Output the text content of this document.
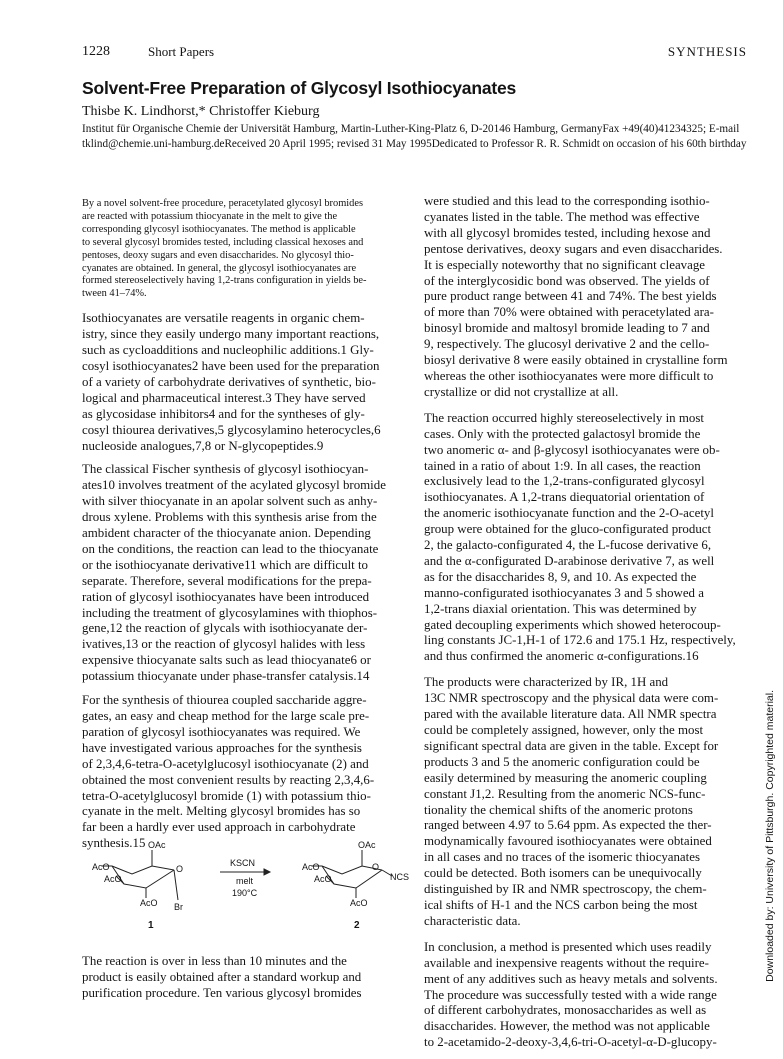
1228	Short Papers	SYNTHESIS
Solvent-Free Preparation of Glycosyl Isothiocyanates
Thisbe K. Lindhorst,* Christoffer Kieburg
Institut für Organische Chemie der Universität Hamburg, Martin-Luther-King-Platz 6, D-20146 Hamburg, GermanyFax +49(40)41234325; E-mail tklind@chemie.uni-hamburg.deReceived 20 April 1995; revised 31 May 1995Dedicated to Professor R. R. Schmidt on occasion of his 60th birthday

By a novel solvent-free procedure, peracetylated glycosyl bromides
are reacted with potassium thiocyanate in the melt to give the
corresponding glycosyl isothiocyanates. The method is applicable
to several glycosyl bromides tested, including classical hexoses and
pentoses, deoxy sugars and even disaccharides. No glycosyl thio-
cyanates are obtained. In general, the glycosyl isothiocyanates are
formed stereoselectively having 1,2-trans configuration in yields be-
tween 41–74%.

Isothiocyanates are versatile reagents in organic chem-
istry, since they easily undergo many important reactions,
such as cycloadditions and nucleophilic additions.1 Gly-
cosyl isothiocyanates2 have been used for the preparation
of a variety of carbohydrate derivatives of synthetic, bio-
logical and pharmaceutical interest.3 They have served
as glycosidase inhibitors4 and for the syntheses of gly-
cosyl thiourea derivatives,5 glycosylamino heterocycles,6
nucleoside analogues,7,8 or N-glycopeptides.9

The classical Fischer synthesis of glycosyl isothiocyan-
ates10 involves treatment of the acylated glycosyl bromide
with silver thiocyanate in an apolar solvent such as anhy-
drous xylene. Problems with this synthesis arise from the
ambident character of the thiocyanate anion. Depending
on the conditions, the reaction can lead to the thiocyanate
or the isothiocyanate derivative11 which are difficult to
separate. Therefore, several modifications for the prepa-
ration of glycosyl isothiocyanates have been introduced
including the treatment of glycosylamines with thiophos-
gene,12 the reaction of glycals with isothiocyanate der-
ivatives,13 or the reaction of glycosyl halides with less
expensive thiocyanate salts such as lead thiocyanate6 or
potassium thiocyanate under phase-transfer catalysis.14

For the synthesis of thiourea coupled saccharide aggre-
gates, an easy and cheap method for the large scale pre-
paration of glycosyl isothiocyanates was required. We
have investigated various approaches for the synthesis
of 2,3,4,6-tetra-O-acetylglucosyl isothiocyanate (2) and
obtained the most convenient results by reacting 2,3,4,6-
tetra-O-acetylglucosyl bromide (1) with potassium thio-
cyanate in the melt. Melting glycosyl bromides has so
far been a hardly ever used approach in carbohydrate
synthesis.15 OAc
AcO
AcO
O
AcO Br
KSCN
melt
190°C
OAc
AcO
AcO
O
NCS
AcO
1	2

The reaction is over in less than 10 minutes and the
product is easily obtained after a standard workup and
purification procedure. Ten various glycosyl bromides

were studied and this lead to the corresponding isothio-
cyanates listed in the table. The method was effective
with all glycosyl bromides tested, including hexose and
pentose derivatives, deoxy sugars and even disaccharides.
It is especially noteworthy that no significant cleavage
of the interglycosidic bond was observed. The yields of
pure product range between 41 and 74%. The best yields
of more than 70% were obtained with peracetylated ara-
binosyl bromide and maltosyl bromide leading to 7 and
9, respectively. The glucosyl derivative 2 and the cello-
biosyl derivative 8 were easily obtained in crystalline form
whereas the other isothiocyanates were more difficult to
crystallize or did not crystallize at all.

The reaction occurred highly stereoselectively in most
cases. Only with the protected galactosyl bromide the
two anomeric α- and β-glycosyl isothiocyanates were ob-
tained in a ratio of about 1:9. In all cases, the reaction
exclusively lead to the 1,2-trans-configurated glycosyl
isothiocyanates. A 1,2-trans diequatorial orientation of
the anomeric isothiocyanate function and the 2-O-acetyl
group were obtained for the gluco-configurated product
2, the galacto-configurated 4, the L-fucose derivative 6,
and the α-configurated D-arabinose derivative 7, as well
as for the disaccharides 8, 9, and 10. As expected the
manno-configurated isothiocyanates 3 and 5 showed a
1,2-trans diaxial orientation. This was determined by
gated decoupling experiments which showed heterocoup-
ling constants JC-1,H-1 of 172.6 and 175.1 Hz, respectively,
and thus confirmed the anomeric α-configurations.16

The products were characterized by IR, 1H and
13C NMR spectroscopy and the physical data were com-
pared with the available literature data. All NMR spectra
could be completely assigned, however, only the most
significant spectral data are given in the table. Except for
products 3 and 5 the anomeric configuration could be
easily determined by measuring the anomeric coupling
constant J1,2. Resulting from the anomeric NCS-func-
tionality the chemical shifts of the anomeric protons
ranged between 4.97 to 5.64 ppm. As expected the ther-
modynamically favoured isothiocyanates were obtained
in all cases and no traces of the isomeric thiocyanates
could be detected. Both isomers can be unequivocally
distinguished by IR and NMR spectroscopy, the chem-
ical shifts of H-1 and the NCS carbon being the most
characteristic data.

In conclusion, a method is presented which uses readily
available and inexpensive reagents without the require-
ment of any additives such as heavy metals and solvents.
The procedure was successfully tested with a wide range
of different carbohydrates, monosaccharides as well as
disaccharides. However, the method was not applicable
to 2-acetamido-2-deoxy-3,4,6-tri-O-acetyl-α-D-glucopy-

Downloaded by: University of Pittsburgh. Copyrighted material.
